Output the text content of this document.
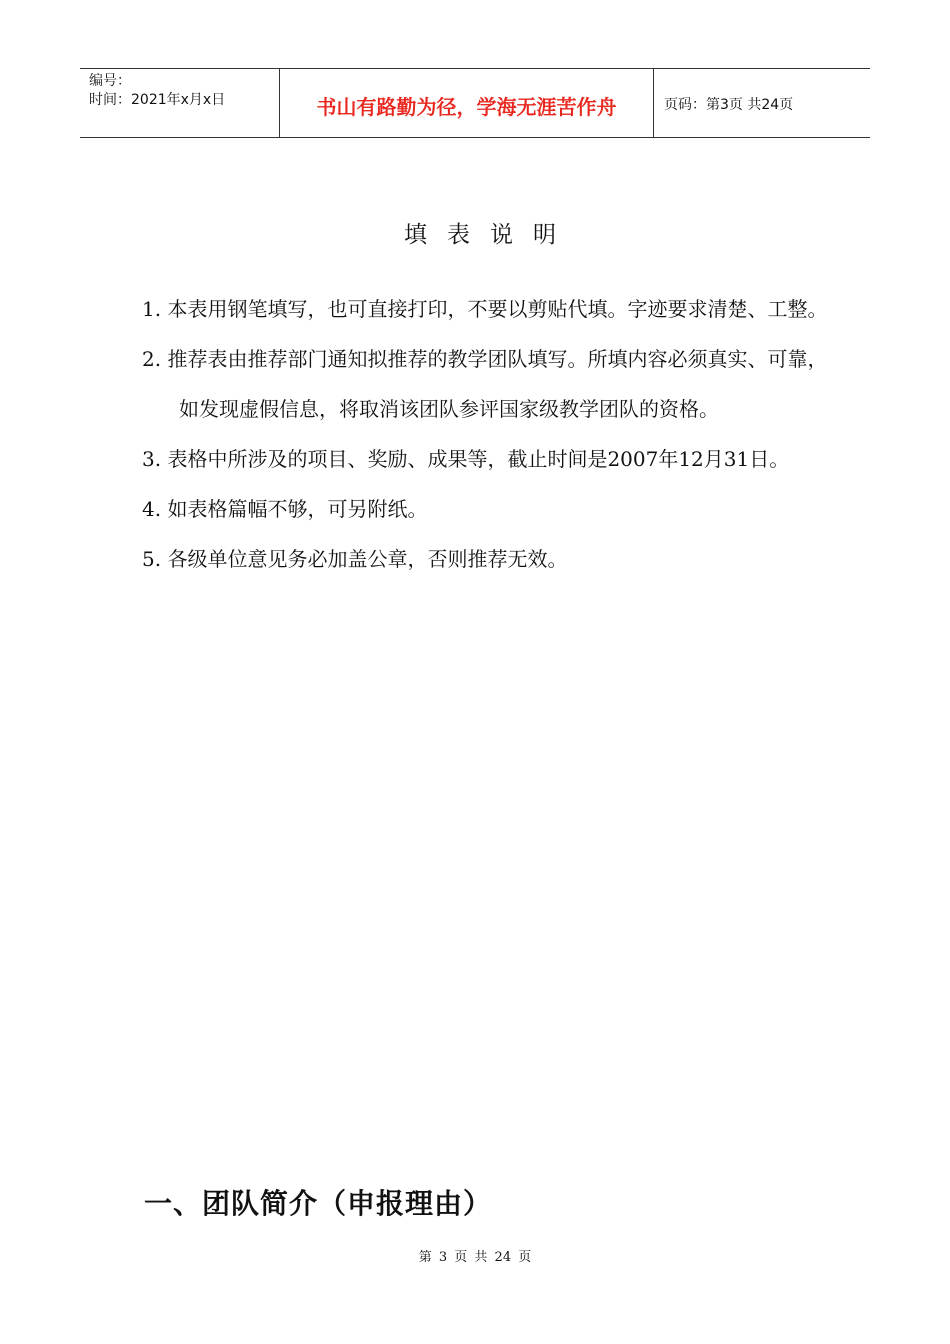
编号：
时间：2021年x月x日	书山有路勤为径，学海无涯苦作舟	页码：第3页 共24页
填表说明

1. 本表用钢笔填写，也可直接打印，不要以剪贴代填。字迹要求清楚、工整。

2. 推荐表由推荐部门通知拟推荐的教学团队填写。所填内容必须真实、可靠，如发现虚假信息，将取消该团队参评国家级教学团队的资格。

3. 表格中所涉及的项目、奖励、成果等，截止时间是2007年12月31日。

4. 如表格篇幅不够，可另附纸。

5. 各级单位意见务必加盖公章，否则推荐无效。

一、团队简介（申报理由）
第 3 页 共 24 页
